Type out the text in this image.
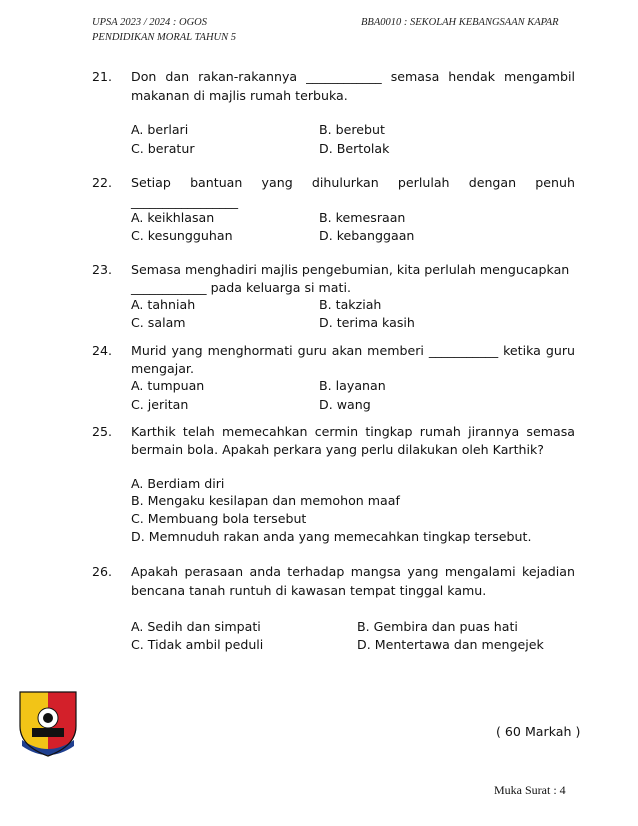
UPSA 2023 / 2024 : OGOS
PENDIDIKAN MORAL TAHUN 5
BBA0010 : SEKOLAH KEBANGSAAN KAPAR
21. Don dan rakan-rakannya ____________ semasa hendak mengambil
makanan di majlis rumah terbuka.
A. berlari	B. berebut
C. beratur	D. Bertolak
22. Setiap bantuan yang dihulurkan perlulah dengan penuh
_________________
A. keikhlasan	B. kemesraan
C. kesungguhan	D. kebanggaan
23. Semasa menghadiri majlis pengebumian, kita perlulah mengucapkan
____________ pada keluarga si mati.
A. tahniah	B. takziah
C. salam	D. terima kasih
24. Murid yang menghormati guru akan memberi ___________ ketika guru
mengajar.
A. tumpuan	B. layanan
C. jeritan	D. wang
25. Karthik telah memecahkan cermin tingkap rumah jirannya semasa
bermain bola. Apakah perkara yang perlu dilakukan oleh Karthik?
A. Berdiam diri
B. Mengaku kesilapan dan memohon maaf
C. Membuang bola tersebut
D. Memnuduh rakan anda yang memecahkan tingkap tersebut.
26. Apakah perasaan anda terhadap mangsa yang mengalami kejadian
bencana tanah runtuh di kawasan tempat tinggal kamu.
A. Sedih dan simpati	B. Gembira dan puas hati
C. Tidak ambil peduli	D. Mentertawa dan mengejek
( 60 Markah )
Muka Surat : 4
